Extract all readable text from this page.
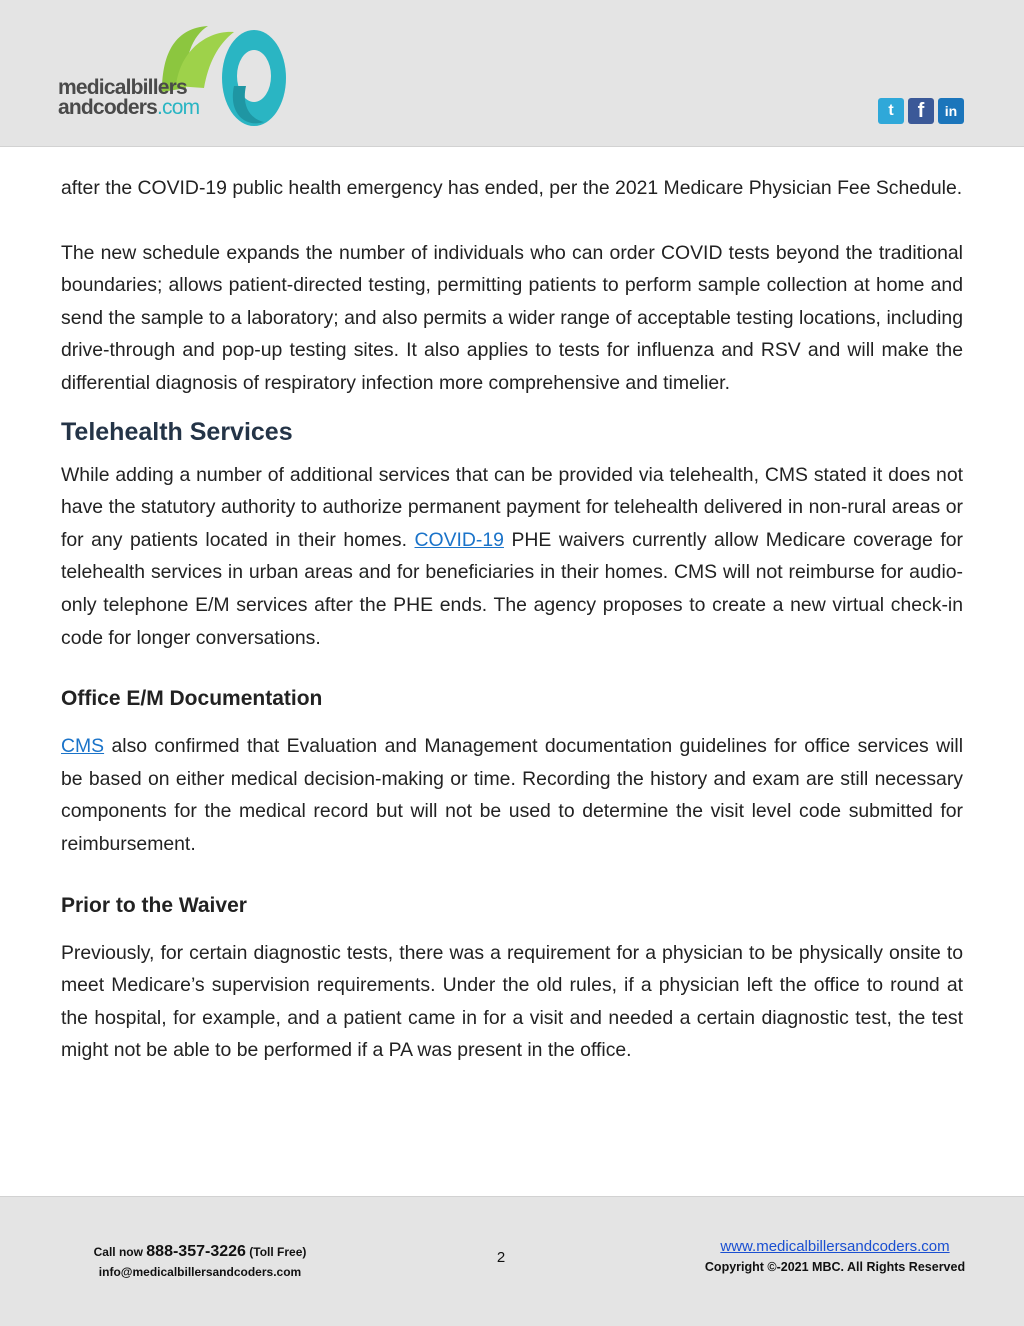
medicalbillers
andcoders.com	t	f	in

after the COVID-19 public health emergency has ended, per the 2021 Medicare Physician Fee Schedule.

The new schedule expands the number of individuals who can order COVID tests beyond the traditional boundaries; allows patient-directed testing, permitting patients to perform sample collection at home and send the sample to a laboratory; and also permits a wider range of acceptable testing locations, including drive-through and pop-up testing sites. It also applies to tests for influenza and RSV and will make the differential diagnosis of respiratory infection more comprehensive and timelier.

Telehealth Services

While adding a number of additional services that can be provided via telehealth, CMS stated it does not have the statutory authority to authorize permanent payment for telehealth delivered in non-rural areas or for any patients located in their homes. COVID-19 PHE waivers currently allow Medicare coverage for telehealth services in urban areas and for beneficiaries in their homes. CMS will not reimburse for audio-only telephone E/M services after the PHE ends. The agency proposes to create a new virtual check-in code for longer conversations.

Office E/M Documentation

CMS also confirmed that Evaluation and Management documentation guidelines for office services will be based on either medical decision-making or time. Recording the history and exam are still necessary components for the medical record but will not be used to determine the visit level code submitted for reimbursement.

Prior to the Waiver

Previously, for certain diagnostic tests, there was a requirement for a physician to be physically onsite to meet Medicare’s supervision requirements. Under the old rules, if a physician left the office to round at the hospital, for example, and a patient came in for a visit and needed a certain diagnostic test, the test might not be able to be performed if a PA was present in the office.

Call now 888-357-3226 (Toll Free)
info@medicalbillersandcoders.com
2
www.medicalbillersandcoders.com
Copyright ©-2021 MBC. All Rights Reserved
